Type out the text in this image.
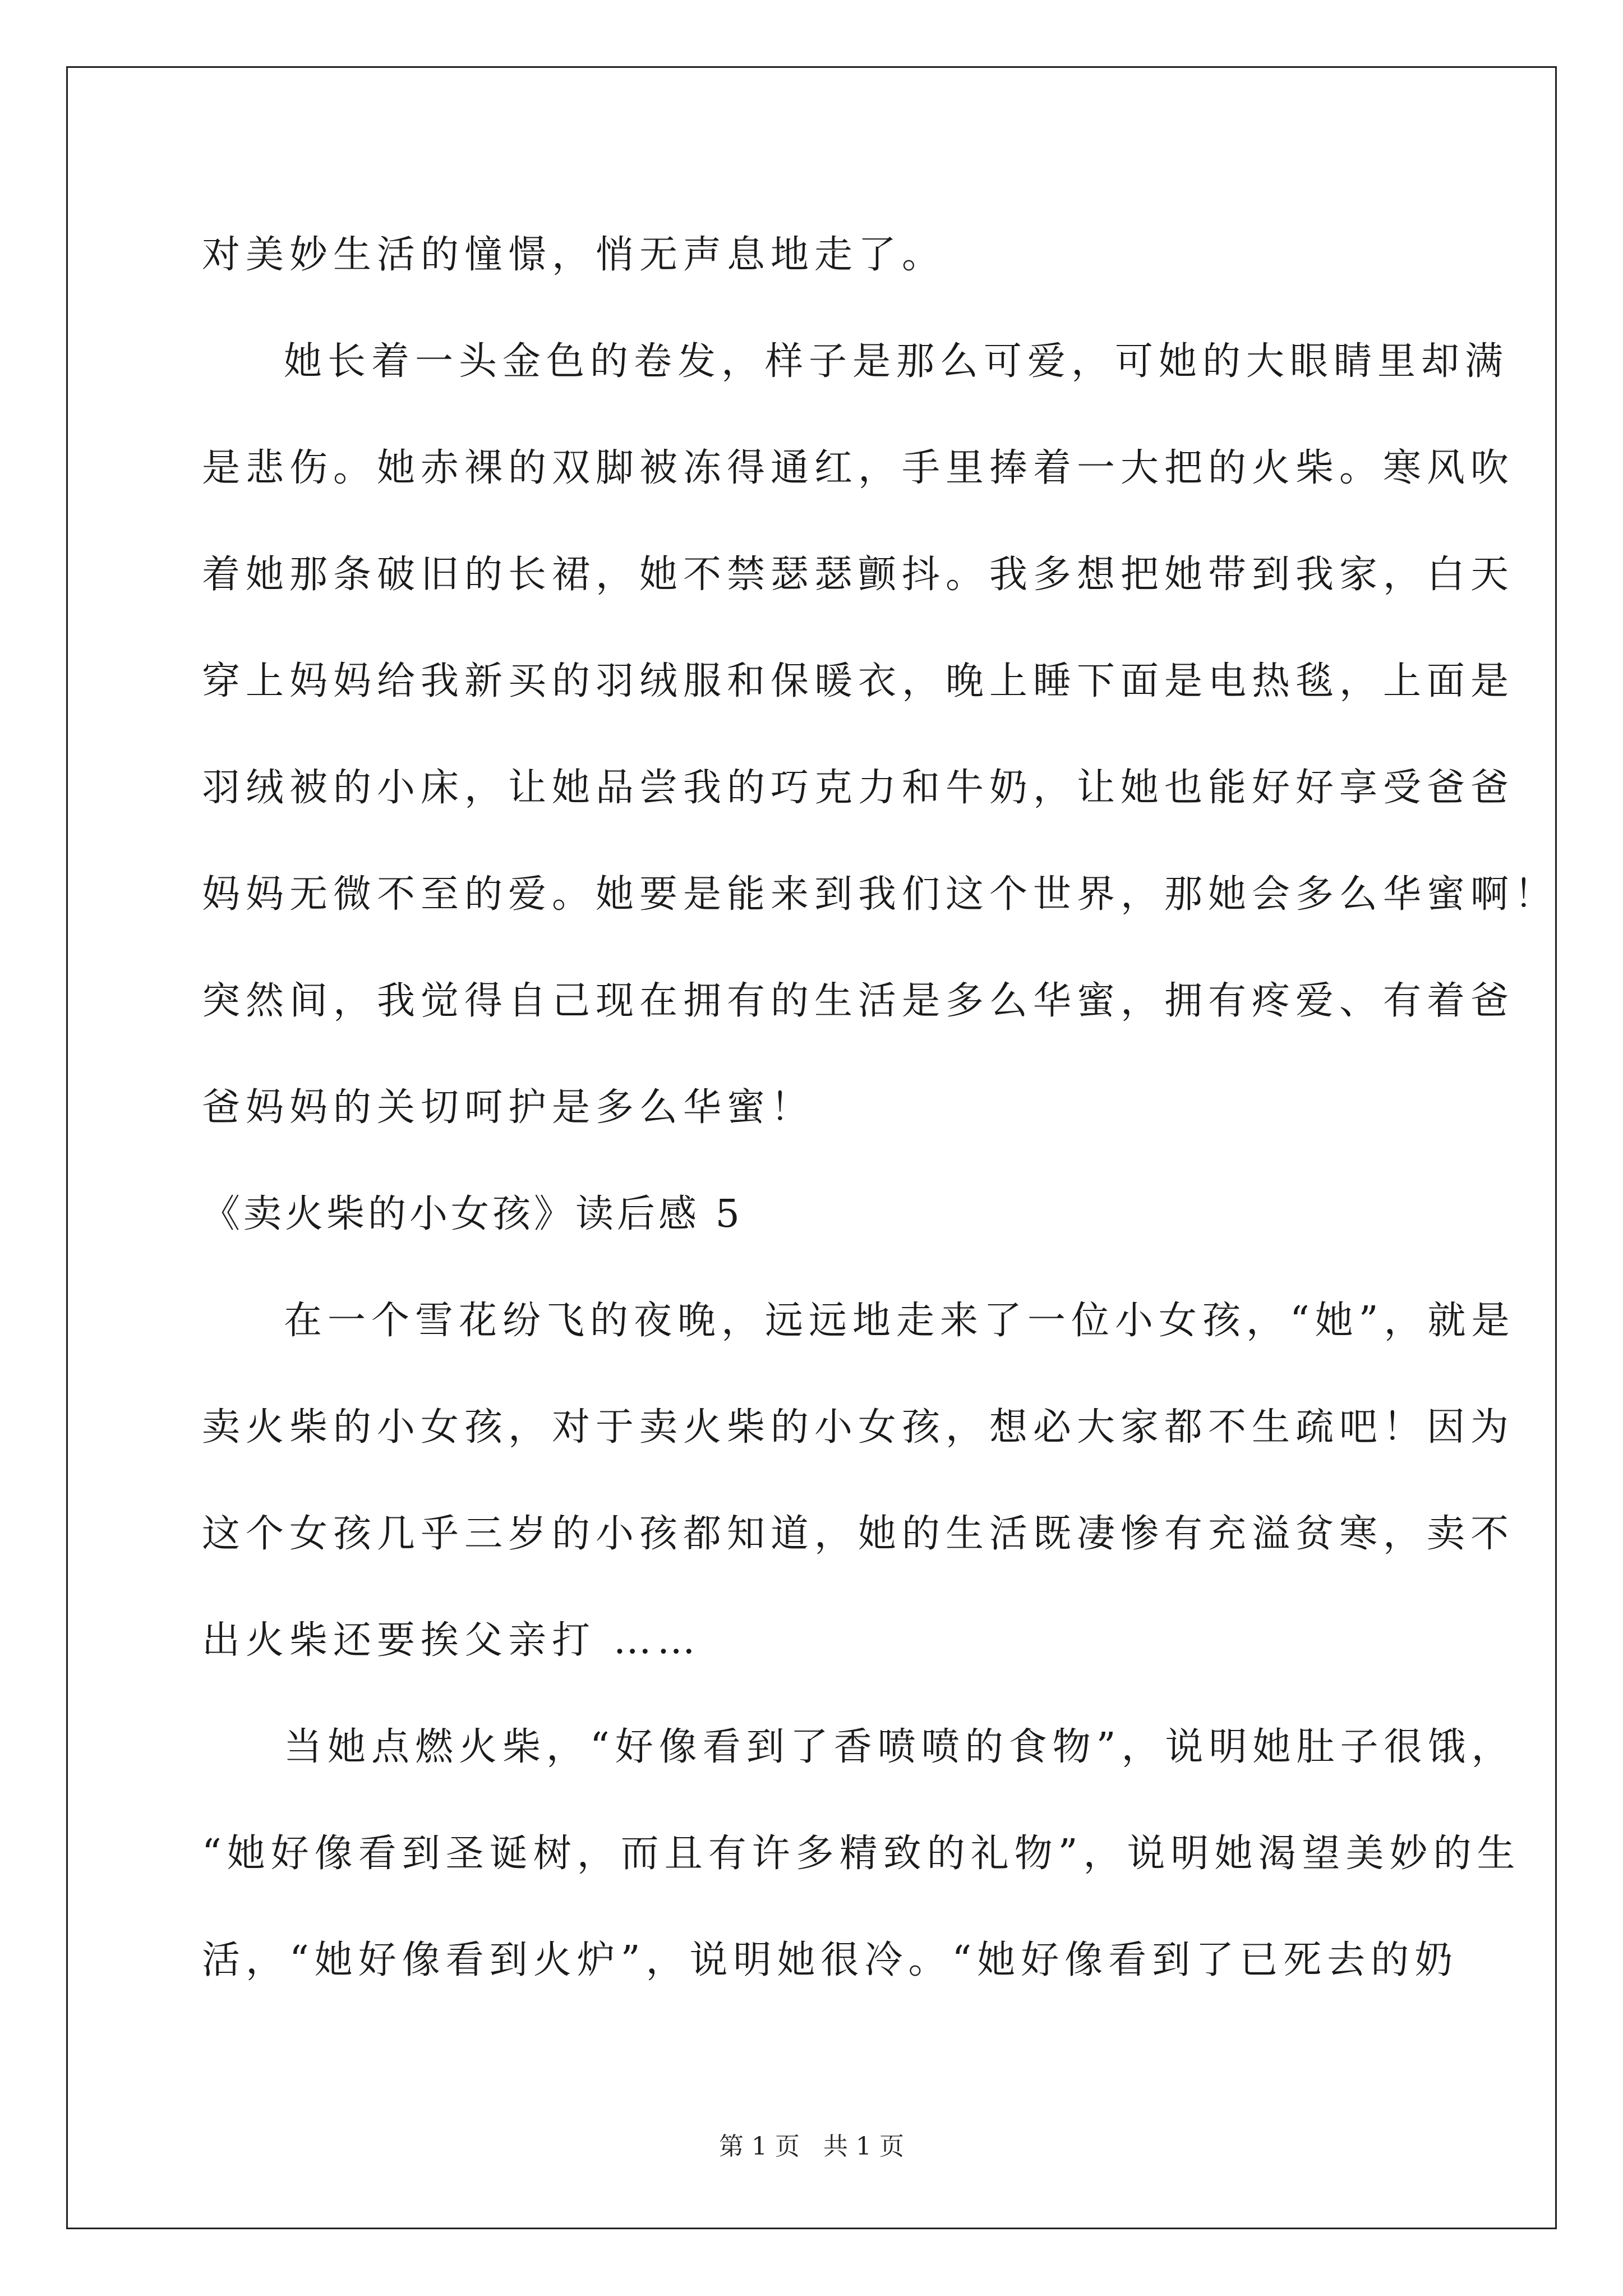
对美妙生活的憧憬，悄无声息地走了。
她长着一头金色的卷发，样子是那么可爱，可她的大眼睛里却满
是悲伤。她赤裸的双脚被冻得通红，手里捧着一大把的火柴。寒风吹
着她那条破旧的长裙，她不禁瑟瑟颤抖。我多想把她带到我家，白天
穿上妈妈给我新买的羽绒服和保暖衣，晚上睡下面是电热毯，上面是
羽绒被的小床，让她品尝我的巧克力和牛奶，让她也能好好享受爸爸
妈妈无微不至的爱。她要是能来到我们这个世界，那她会多么华蜜啊！
突然间，我觉得自己现在拥有的生活是多么华蜜，拥有疼爱、有着爸
爸妈妈的关切呵护是多么华蜜！
《卖火柴的小女孩》读后感 5
在一个雪花纷飞的夜晚，远远地走来了一位小女孩，“她”，就是
卖火柴的小女孩，对于卖火柴的小女孩，想必大家都不生疏吧！因为
这个女孩几乎三岁的小孩都知道，她的生活既凄惨有充溢贫寒，卖不
出火柴还要挨父亲打 ……
当她点燃火柴，“好像看到了香喷喷的食物”，说明她肚子很饿，
“她好像看到圣诞树，而且有许多精致的礼物”，说明她渴望美妙的生
活，“她好像看到火炉”，说明她很冷。“她好像看到了已死去的奶
第 1 页 共 1 页
